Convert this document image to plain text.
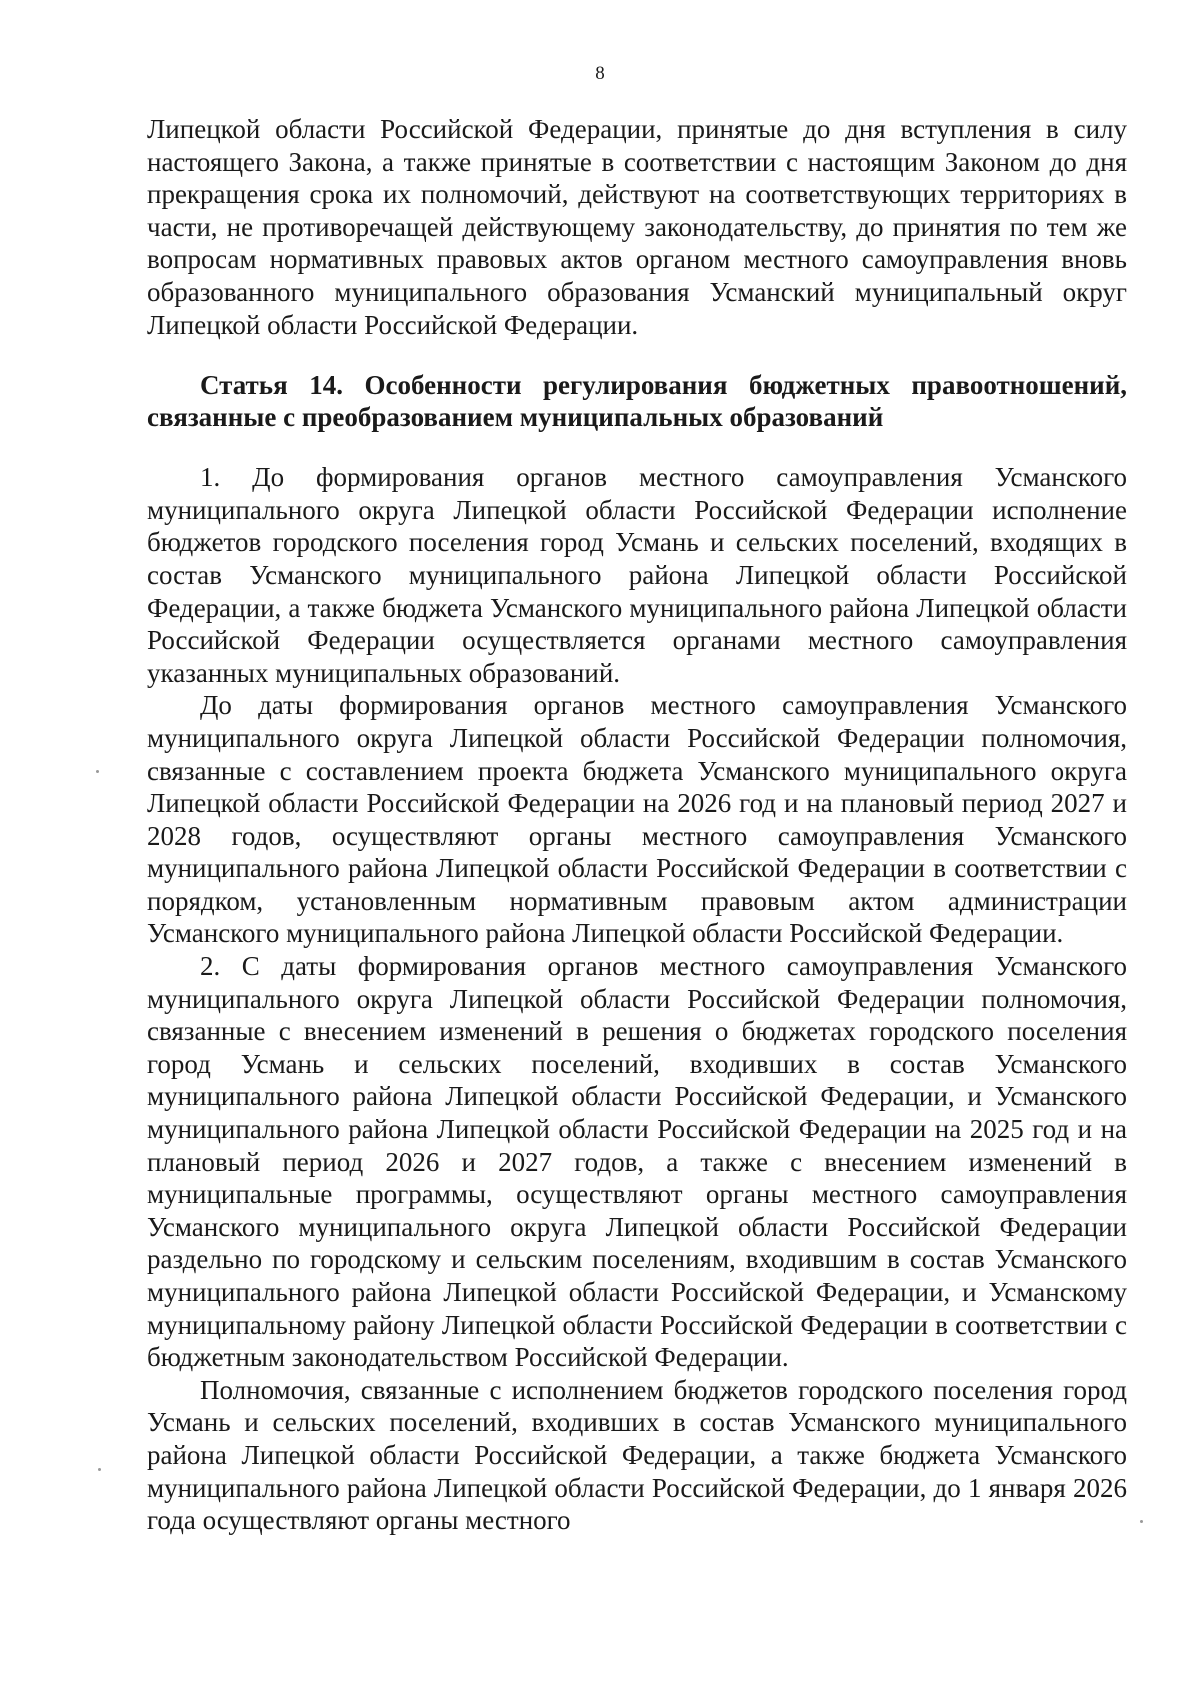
8

Липецкой области Российской Федерации, принятые до дня вступления в силу настоящего Закона, а также принятые в соответствии с настоящим Законом до дня прекращения срока их полномочий, действуют на соответствующих территориях в части, не противоречащей действующему законодательству, до принятия по тем же вопросам нормативных правовых актов органом местного самоуправления вновь образованного муниципального образования Усманский муниципальный округ Липецкой области Российской Федерации.

Статья 14. Особенности регулирования бюджетных правоотношений,
связанные с преобразованием муниципальных образований

1. До формирования органов местного самоуправления Усманского муниципального округа Липецкой области Российской Федерации исполнение бюджетов городского поселения город Усмань и сельских поселений, входящих в состав Усманского муниципального района Липецкой области Российской Федерации, а также бюджета Усманского муниципального района Липецкой области Российской Федерации осуществляется органами местного самоуправления указанных муниципальных образований.

До даты формирования органов местного самоуправления Усманского муниципального округа Липецкой области Российской Федерации полномочия, связанные с составлением проекта бюджета Усманского муниципального округа Липецкой области Российской Федерации на 2026 год и на плановый период 2027 и 2028 годов, осуществляют органы местного самоуправления Усманского муниципального района Липецкой области Российской Федерации в соответствии с порядком, установленным нормативным правовым актом администрации Усманского муниципального района Липецкой области Российской Федерации.

2. С даты формирования органов местного самоуправления Усманского муниципального округа Липецкой области Российской Федерации полномочия, связанные с внесением изменений в решения о бюджетах городского поселения город Усмань и сельских поселений, входивших в состав Усманского муниципального района Липецкой области Российской Федерации, и Усманского муниципального района Липецкой области Российской Федерации на 2025 год и на плановый период 2026 и 2027 годов, а также с внесением изменений в муниципальные программы, осуществляют органы местного самоуправления Усманского муниципального округа Липецкой области Российской Федерации раздельно по городскому и сельским поселениям, входившим в состав Усманского муниципального района Липецкой области Российской Федерации, и Усманскому муниципальному району Липецкой области Российской Федерации в соответствии с бюджетным законодательством Российской Федерации.

Полномочия, связанные с исполнением бюджетов городского поселения город Усмань и сельских поселений, входивших в состав Усманского муниципального района Липецкой области Российской Федерации, а также бюджета Усманского муниципального района Липецкой области Российской Федерации, до 1 января 2026 года осуществляют органы местного
